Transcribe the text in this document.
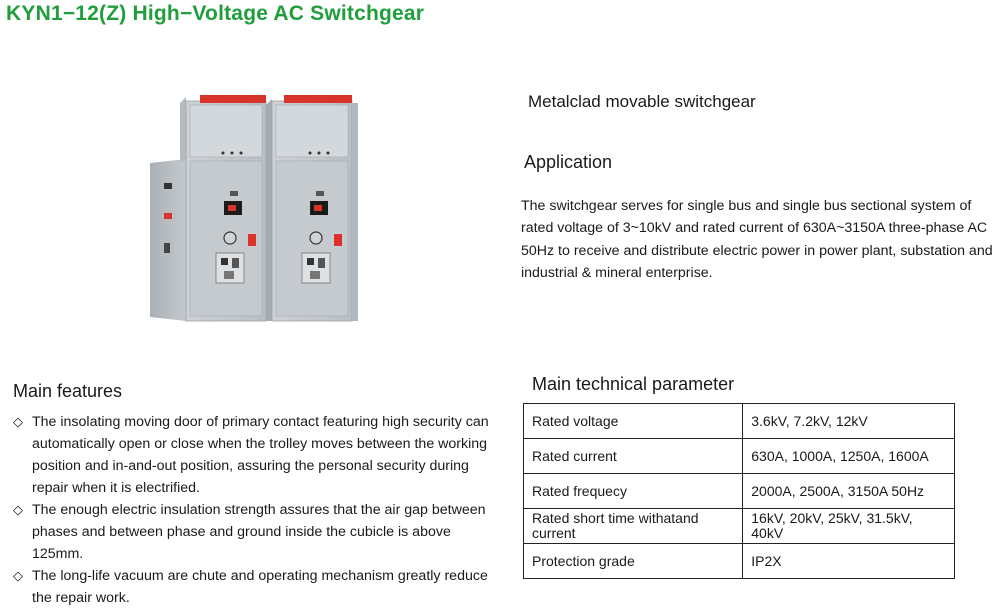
KYN1−12(Z) High−Voltage AC Switchgear
Metalclad movable switchgear
Application
The switchgear serves for single bus and single bus sectional system of rated voltage of 3~10kV and rated current of 630A~3150A three-phase AC 50Hz to receive and distribute electric power in power plant, substation and industrial & mineral enterprise.
Main features
◇ The insolating moving door of primary contact featuring high security can automatically open or close when the trolley moves between the working position and in-and-out position, assuring the personal security during repair when it is electrified.
◇ The enough electric insulation strength assures that the air gap between phases and between phase and ground inside the cubicle is above 125mm.
◇ The long-life vacuum are chute and operating mechanism greatly reduce the repair work.
Main technical parameter
Rated voltage	3.6kV, 7.2kV, 12kV
Rated current	630A, 1000A, 1250A, 1600A
Rated frequecy	2000A, 2500A, 3150A 50Hz
Rated short time withatand current	16kV, 20kV, 25kV, 31.5kV, 40kV
Protection grade	IP2X
